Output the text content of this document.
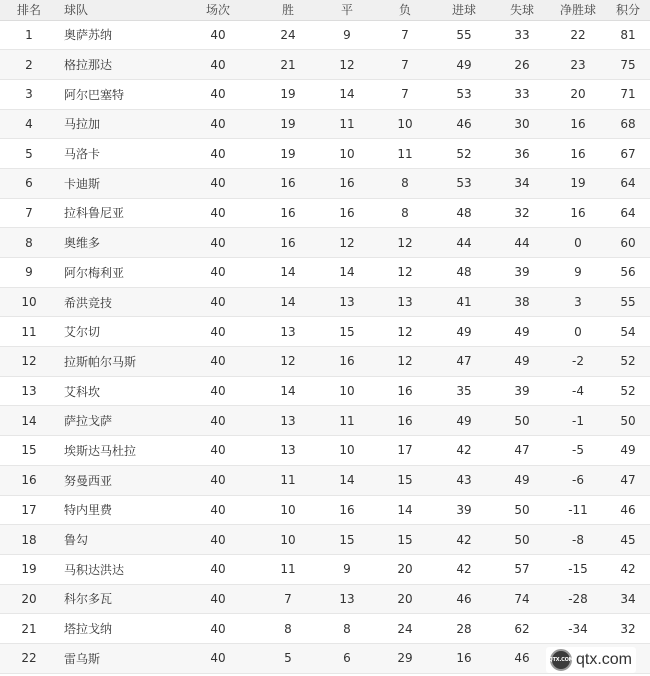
排名	球队	场次	胜	平	负	进球	失球	净胜球	积分
1	奥萨苏纳	40	24	9	7	55	33	22	81
2	格拉那达	40	21	12	7	49	26	23	75
3	阿尔巴塞特	40	19	14	7	53	33	20	71
4	马拉加	40	19	11	10	46	30	16	68
5	马洛卡	40	19	10	11	52	36	16	67
6	卡迪斯	40	16	16	8	53	34	19	64
7	拉科鲁尼亚	40	16	16	8	48	32	16	64
8	奥维多	40	16	12	12	44	44	0	60
9	阿尔梅利亚	40	14	14	12	48	39	9	56
10	希洪竞技	40	14	13	13	41	38	3	55
11	艾尔切	40	13	15	12	49	49	0	54
12	拉斯帕尔马斯	40	12	16	12	47	49	-2	52
13	艾科坎	40	14	10	16	35	39	-4	52
14	萨拉戈萨	40	13	11	16	49	50	-1	50
15	埃斯达马杜拉	40	13	10	17	42	47	-5	49
16	努曼西亚	40	11	14	15	43	49	-6	47
17	特内里费	40	10	16	14	39	50	-11	46
18	鲁勾	40	10	15	15	42	50	-8	45
19	马积达洪达	40	11	9	20	42	57	-15	42
20	科尔多瓦	40	7	13	20	46	74	-28	34
21	塔拉戈纳	40	8	8	24	28	62	-34	32
22	雷乌斯	40	5	6	29	16	46			QTX.COM qtx.com
